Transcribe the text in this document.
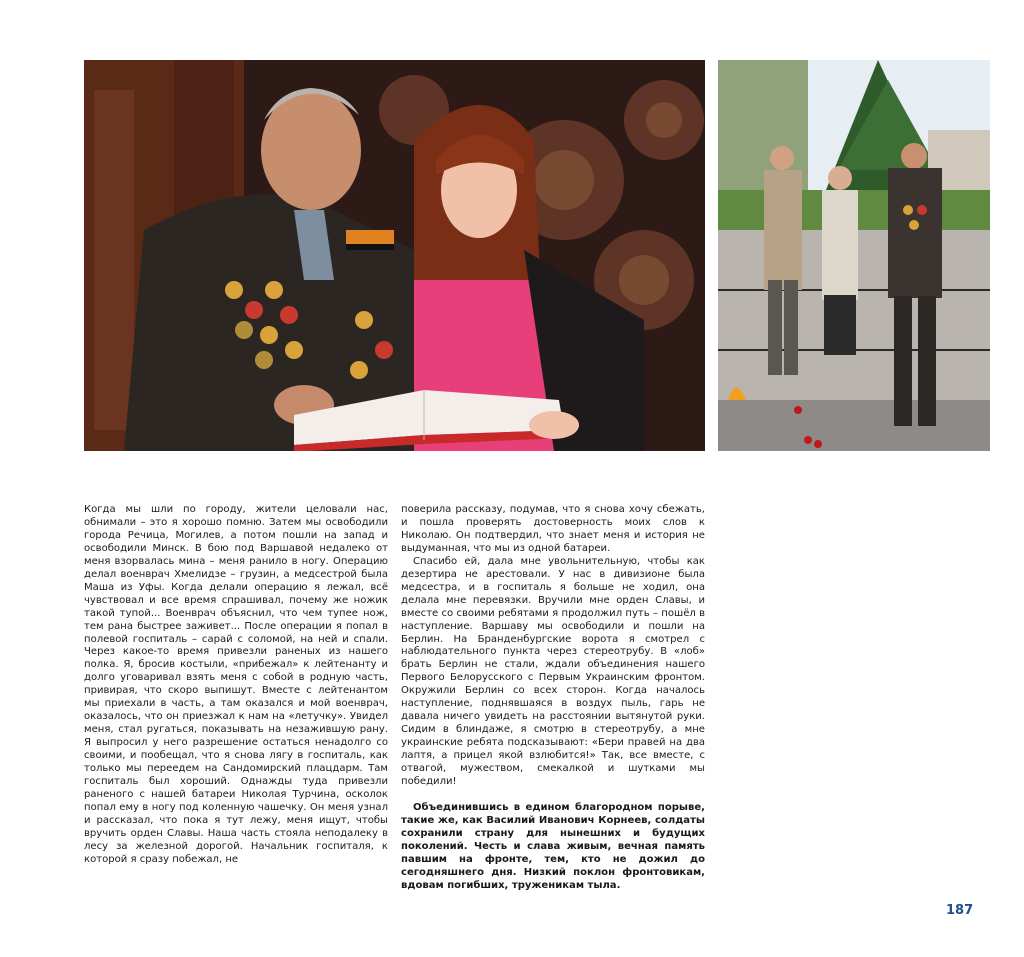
Когда мы шли по городу, жители целовали нас, обнимали – это я хорошо помню. Затем мы освободили города Речица, Могилев, а потом пошли на запад и освободили Минск. В бою под Варшавой недалеко от меня взорвалась мина – меня ранило в ногу. Операцию делал военврач Хмелидзе – грузин, а медсестрой была Маша из Уфы. Когда делали операцию я лежал, всё чувствовал и все время спрашивал, почему же ножик такой тупой... Военврач объяснил, что чем тупее нож, тем рана быстрее заживет... После операции я попал в полевой госпиталь – сарай с соломой, на ней и спали. Через какое-то время привезли раненых из нашего полка. Я, бросив костыли, «прибежал» к лейтенанту и долго уговаривал взять меня с собой в родную часть, привирая, что скоро выпишут. Вместе с лейтенантом мы приехали в часть, а там оказался и мой военврач, оказалось, что он приезжал к нам на «летучку». Увидел меня, стал ругаться, показывать на незажившую рану. Я выпросил у него разрешение остаться ненадолго со своими, и пообещал, что я снова лягу в госпиталь, как только мы переедем на Сандомирский плацдарм. Там госпиталь был хороший. Однажды туда привезли раненого с нашей батареи Николая Турчина, осколок попал ему в ногу под коленную чашечку. Он меня узнал и рассказал, что пока я тут лежу, меня ищут, чтобы вручить орден Славы. Наша часть стояла неподалеку в лесу за железной дорогой. Начальник госпиталя, к которой я сразу побежал, не

поверила рассказу, подумав, что я снова хочу сбежать, и пошла проверять достоверность моих слов к Николаю. Он подтвердил, что знает меня и история не выдуманная, что мы из одной батареи.

Спасибо ей, дала мне увольнительную, чтобы как дезертира не арестовали. У нас в дивизионе была медсестра, и в госпиталь я больше не ходил, она делала мне перевязки. Вручили мне орден Славы, и вместе со своими ребятами я продолжил путь – пошёл в наступление. Варшаву мы освободили и пошли на Берлин. На Бранденбургские ворота я смотрел с наблюдательного пункта через стереотрубу. В «лоб» брать Берлин не стали, ждали объединения нашего Первого Белорусского с Первым Украинским фронтом. Окружили Берлин со всех сторон. Когда началось наступление, поднявшаяся в воздух пыль, гарь не давала ничего увидеть на расстоянии вытянутой руки. Сидим в блиндаже, я смотрю в стереотрубу, а мне украинские ребята подсказывают: «Бери правей на два лаптя, а прицел якой взлюбится!» Так, все вместе, с отвагой, мужеством, смекалкой и шутками мы победили!

Объединившись в едином благородном порыве, такие же, как Василий Иванович Корнеев, солдаты сохранили страну для нынешних и будущих поколений. Честь и слава живым, вечная память павшим на фронте, тем, кто не дожил до сегодняшнего дня. Низкий поклон фронтовикам, вдовам погибших, труженикам тыла.

187
